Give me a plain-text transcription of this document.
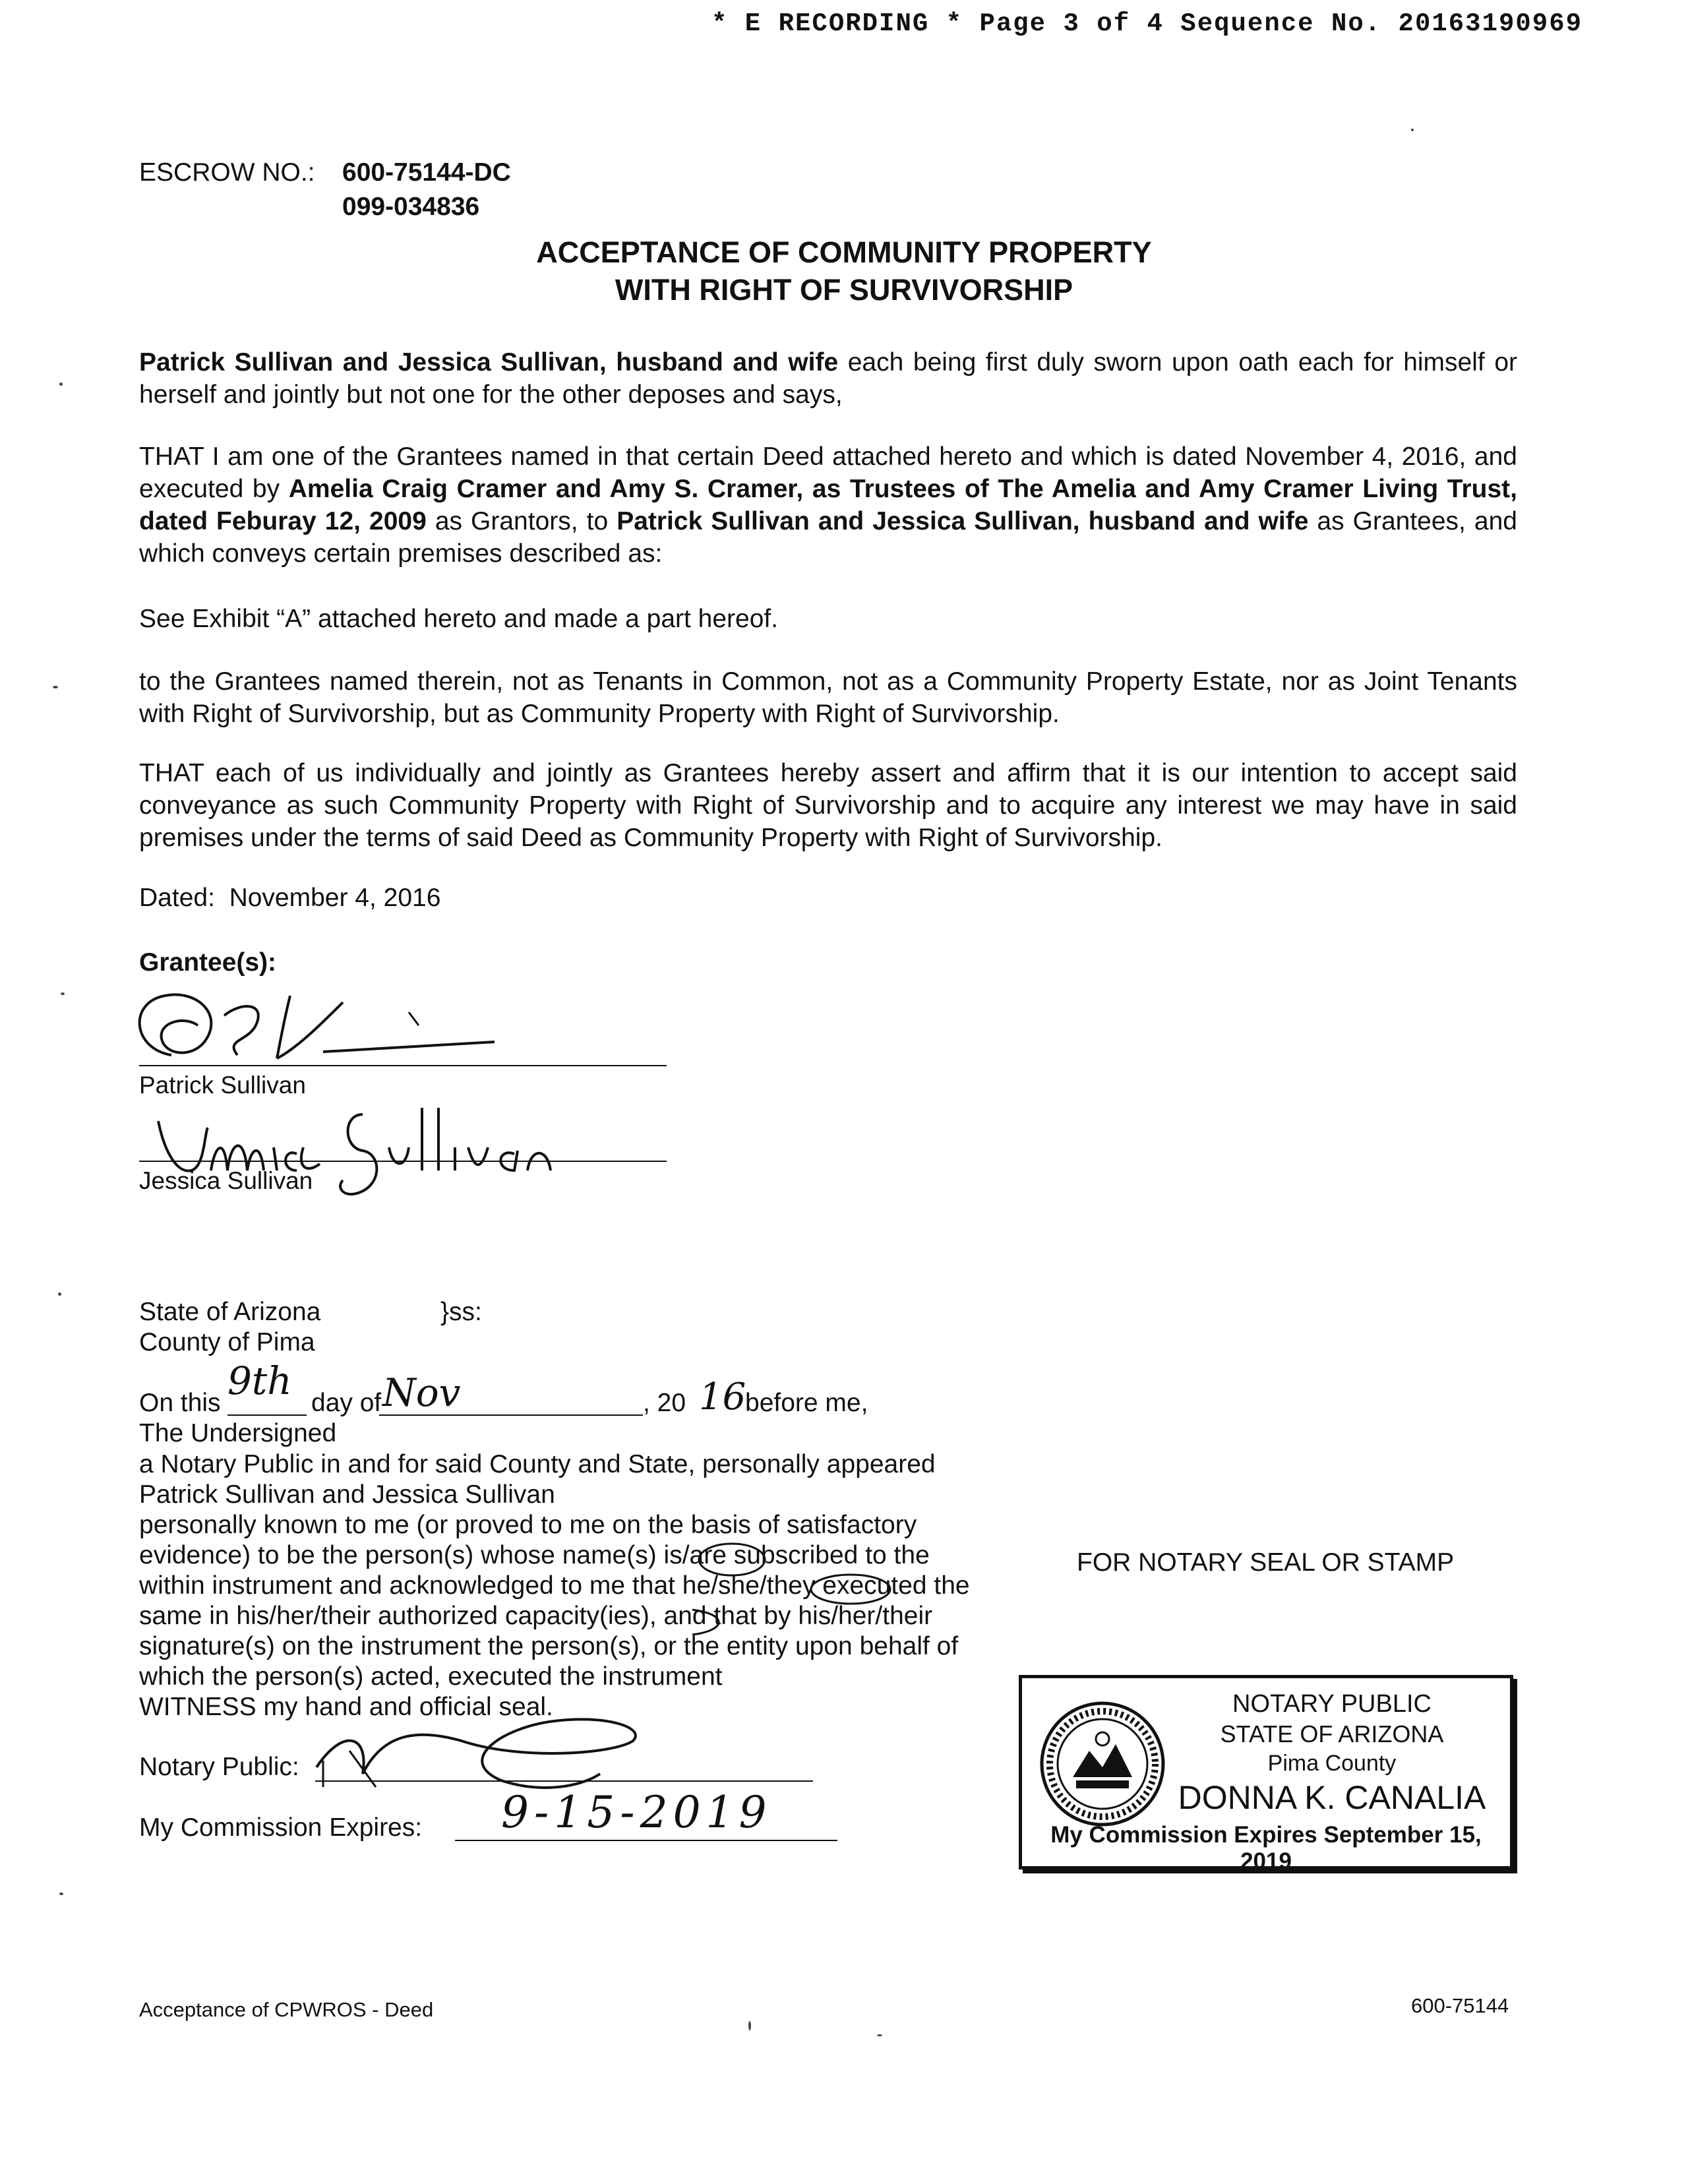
* E RECORDING * Page 3 of 4 Sequence No. 20163190969
ESCROW NO.: 600-75144-DC
099-034836
ACCEPTANCE OF COMMUNITY PROPERTY
WITH RIGHT OF SURVIVORSHIP
Patrick Sullivan and Jessica Sullivan, husband and wife each being first duly sworn upon oath each for himself or herself and jointly but not one for the other deposes and says,
THAT I am one of the Grantees named in that certain Deed attached hereto and which is dated November 4, 2016, and executed by Amelia Craig Cramer and Amy S. Cramer, as Trustees of The Amelia and Amy Cramer Living Trust, dated Feburay 12, 2009 as Grantors, to Patrick Sullivan and Jessica Sullivan, husband and wife as Grantees, and which conveys certain premises described as:
See Exhibit “A” attached hereto and made a part hereof.
to the Grantees named therein, not as Tenants in Common, not as a Community Property Estate, nor as Joint Tenants with Right of Survivorship, but as Community Property with Right of Survivorship.
THAT each of us individually and jointly as Grantees hereby assert and affirm that it is our intention to accept said conveyance as such Community Property with Right of Survivorship and to acquire any interest we may have in said premises under the terms of said Deed as Community Property with Right of Survivorship.
Dated:  November 4, 2016
Grantee(s):
Patrick Sullivan
Jessica Sullivan
State of Arizona	}ss:
County of Pima
On this 9th day of Nov	, 20 16
before me,
The Undersigned
a Notary Public in and for said County and State, personally appeared
Patrick Sullivan and Jessica Sullivan
personally known to me (or proved to me on the basis of satisfactory
evidence) to be the person(s) whose name(s) is/are subscribed to the
within instrument and acknowledged to me that he/she/they executed the
same in his/her/their authorized capacity(ies), and that by his/her/their
signature(s) on the instrument the person(s), or the entity upon behalf of
which the person(s) acted, executed the instrument
WITNESS my hand and official seal.
FOR NOTARY SEAL OR STAMP
Notary Public:
My Commission Expires: 9-15-2019
NOTARY PUBLIC
STATE OF ARIZONA
Pima County
DONNA K. CANALIA
My Commission Expires September 15, 2019
Acceptance of CPWROS - Deed	600-75144
